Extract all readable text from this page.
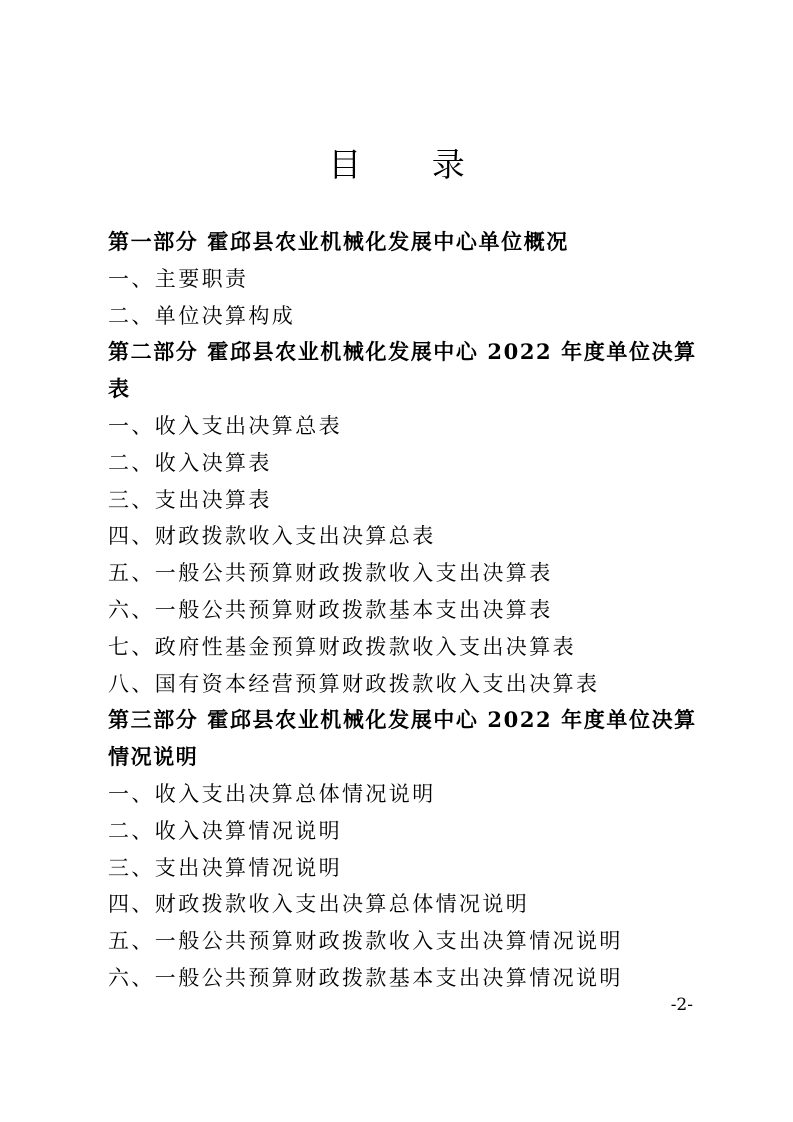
目 录
第一部分 霍邱县农业机械化发展中心单位概况
一、主要职责
二、单位决算构成
第二部分 霍邱县农业机械化发展中心 2022 年度单位决算表
一、收入支出决算总表
二、收入决算表
三、支出决算表
四、财政拨款收入支出决算总表
五、一般公共预算财政拨款收入支出决算表
六、一般公共预算财政拨款基本支出决算表
七、政府性基金预算财政拨款收入支出决算表
八、国有资本经营预算财政拨款收入支出决算表
第三部分 霍邱县农业机械化发展中心 2022 年度单位决算情况说明
一、收入支出决算总体情况说明
二、收入决算情况说明
三、支出决算情况说明
四、财政拨款收入支出决算总体情况说明
五、一般公共预算财政拨款收入支出决算情况说明
六、一般公共预算财政拨款基本支出决算情况说明
-2-
